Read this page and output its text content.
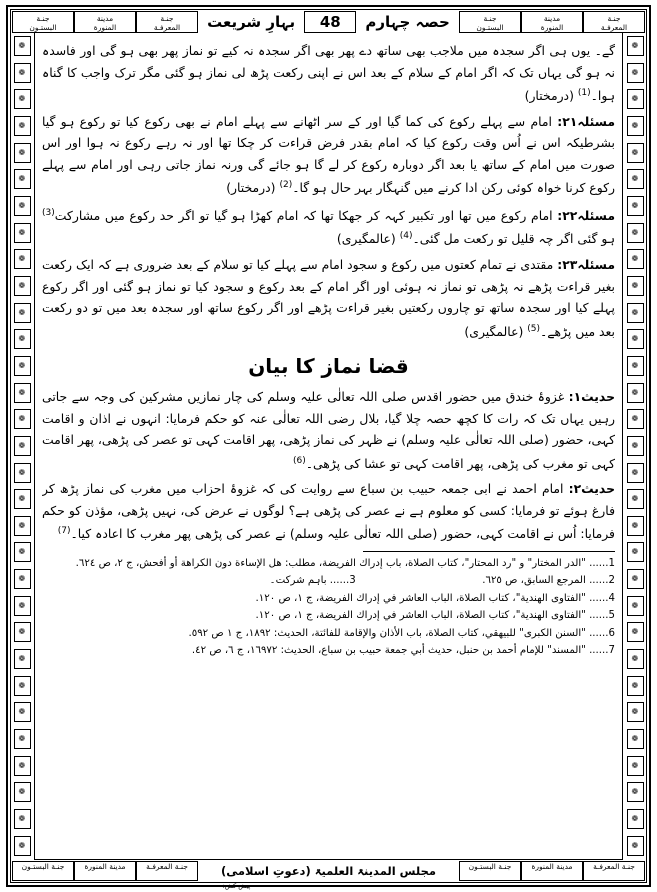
جنـة
المعرفـة
مدینة
المنورة
جنـة
البستـون
حصہ چہارم
48
بہارِ شریعت
جنـة
المعرفـة
مدینة
المنورة
جنـة
البستـون
❁
❁
❁
❁
❁
❁
❁
❁
❁
❁
❁
❁
❁
❁
❁
❁
❁
❁
❁
❁
❁
❁
❁
❁
❁
❁
❁
❁
❁
❁
❁
❁
❁
❁
❁
❁
❁
❁
❁
❁
❁
❁
❁
❁
❁
❁
❁
❁
❁
❁
❁
❁
❁
❁
❁
❁
❁
❁
❁
❁
❁
❁

گے۔ یوں ہی اگر سجدہ میں ملاجب بھی ساتھ دے پھر بھی اگر سجدہ نہ کیے تو نماز پھر بھی ہو گی اور فاسدہ نہ ہو گی یہاں تک کہ اگر امام کے سلام کے بعد اس نے اپنی رکعت پڑھ لی نماز ہو گئی مگر ترک واجب کا گناہ ہوا۔$^{(1)}$ (درمختار)

مسئلہ۲۱: امام سے پہلے رکوع کی کما گیا اور کے سر اٹھانے سے پہلے امام نے بھی رکوع کیا تو رکوع ہو گیا بشرطیکہ اس نے اُس وقت رکوع کیا کہ امام بقدر فرض قراءت کر چکا تھا اور نہ رہے رکوع نہ ہوا اور اس صورت میں امام کے ساتھ یا بعد اگر دوبارہ رکوع کر لے گا ہو جائے گی ورنہ نماز جاتی رہی اور امام سے پہلے رکوع کرنا خواہ کوئی رکن ادا کرنے میں گنہگار بہر حال ہو گا۔$^{(2)}$ (درمختار)

مسئلہ۲۲: امام رکوع میں تھا اور تکبیر کہہ کر جھکا تھا کہ امام کھڑا ہو گیا تو اگر حد رکوع میں مشارکت$^{(3)}$ ہو گئی اگر چہ قلیل تو رکعت مل گئی۔$^{(4)}$ (عالمگیری)

مسئلہ۲۳: مقتدی نے تمام کعتوں میں رکوع و سجود امام سے پہلے کیا تو سلام کے بعد ضروری ہے کہ ایک رکعت بغیر قراءت پڑھے نہ پڑھی تو نماز نہ ہوئی اور اگر امام کے بعد رکوع و سجود کیا تو نماز ہو گئی اور اگر رکوع پہلے کیا اور سجدہ ساتھ تو چاروں رکعتیں بغیر قراءت پڑھے اور اگر رکوع ساتھ اور سجدہ بعد میں تو دو رکعت بعد میں پڑھے۔$^{(5)}$ (عالمگیری)

قضا نماز کا بیان

حدیث۱: غزوۂ خندق میں حضور اقدس صلی اللہ تعالٰی علیہ وسلم کی چار نمازیں مشرکین کی وجہ سے جاتی رہیں یہاں تک کہ رات کا کچھ حصہ چلا گیا، بلال رضی اللہ تعالٰی عنہ کو حکم فرمایا: انہوں نے اذان و اقامت کہی، حضور (صلی اللہ تعالٰی علیہ وسلم) نے ظہر کی نماز پڑھی، پھر اقامت کہی تو عصر کی پڑھی، پھر اقامت کہی تو مغرب کی پڑھی، پھر اقامت کہی تو عشا کی پڑھی۔$^{(6)}$

حدیث۲: امام احمد نے ابی جمعہ حبیب بن سباع سے روایت کی کہ غزوۂ احزاب میں مغرب کی نماز پڑھ کر فارغ ہوئے تو فرمایا: کسی کو معلوم ہے نے عصر کی پڑھی ہے؟ لوگوں نے عرض کی، نہیں پڑھی، مؤذن کو حکم فرمایا: اُس نے اقامت کہی، حضور (صلی اللہ تعالٰی علیہ وسلم) نے عصر کی پڑھی پھر مغرب کا اعادہ کیا۔$^{(7)}$

1...... "الدر المختار" و "رد المحتار"، كتاب الصلاة، باب إدراك الفريضة، مطلب: هل الإساءة دون الكراهة أو أفحش، ج ٢، ص ٦٢٤.

2...... المرجع السابق، ص ٦٢٥.  3...... باہم شرکت۔

4...... "الفتاوى الهندية"، كتاب الصلاة، الباب العاشر في إدراك الفريضة، ج ١، ص ١٢٠.

5...... "الفتاوى الهندية"، كتاب الصلاة، الباب العاشر في إدراك الفريضة، ج ١، ص ١٢٠.

6...... "السنن الكبرى" للبيهقي، كتاب الصلاة، باب الأذان والإقامة للفائتة، الحديث: ١٨٩٢، ج ١ ص ٥٩٢.

7...... "المسند" للإمام أحمد بن حنبل، حديث أبي جمعة حبيب بن سباع، الحديث: ١٦٩٧٢، ج ٦، ص ٤٢.

جنـة المعرفـة
مدینة المنورة
جنـة البستـون
مجلس المدینۃ العلمیۃ (دعوتِ اسلامی)
جنـة المعرفـة
مدینة المنورة
جنـة البستـون
پیش کش:
